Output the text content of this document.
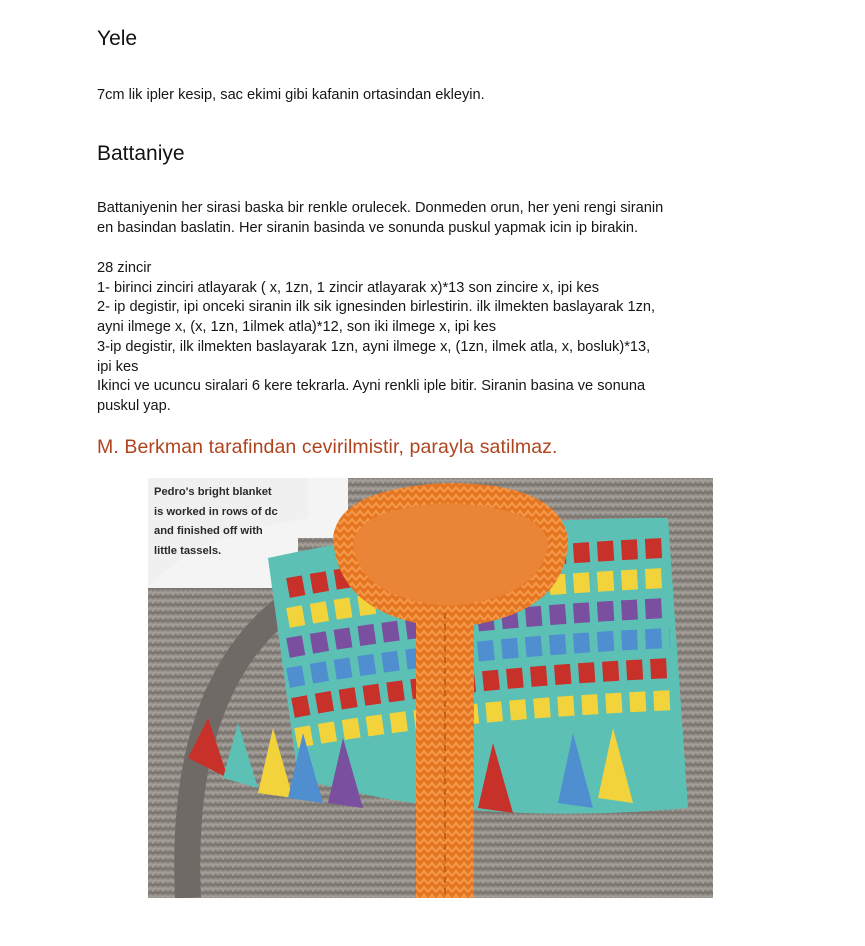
Yele

7cm lik ipler kesip, sac ekimi gibi kafanin ortasindan ekleyin.

Battaniye
Battaniyenin her sirasi baska bir renkle orulecek. Donmeden orun, her yeni rengi siranin
en basindan baslatin. Her siranin basinda ve sonunda puskul yapmak icin ip birakin.
28 zincir
1- birinci zinciri atlayarak ( x, 1zn, 1 zincir atlayarak x)*13 son zincire x, ipi kes
2- ip degistir, ipi onceki siranin ilk sik ignesinden birlestirin. ilk ilmekten baslayarak 1zn,
ayni ilmege x, (x, 1zn, 1ilmek atla)*12, son iki ilmege x, ipi kes
3-ip degistir, ilk ilmekten baslayarak 1zn, ayni ilmege x, (1zn, ilmek atla, x, bosluk)*13,
ipi kes
Ikinci ve ucuncu siralari 6 kere tekrarla. Ayni renkli iple bitir. Siranin basina ve sonuna
puskul yap.

M. Berkman tarafindan cevirilmistir, parayla satilmaz.

Pedro's bright blanket
is worked in rows of dc
and finished off with
little tassels.
